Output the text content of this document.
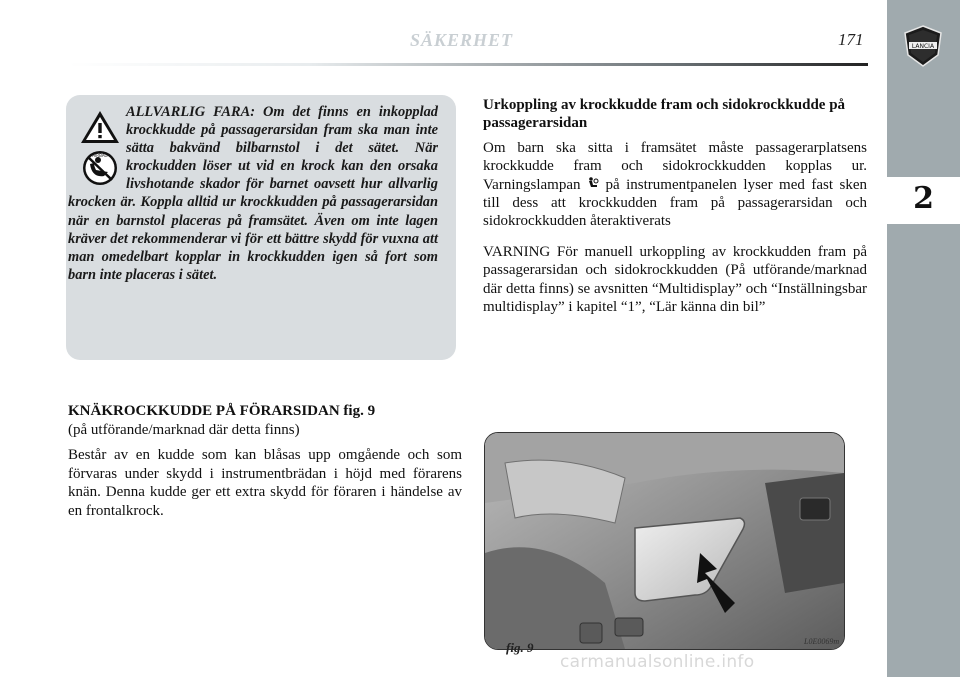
LANCIA
2
SÄKERHET	171
AIRBAG
ALLVARLIG FARA: Om det finns en inkopplad krockkudde på passagerarsidan fram ska man inte sätta bakvänd bilbarnstol i det sätet. När krockudden löser ut vid en krock kan den orsaka livshotande skador för barnet oavsett hur allvarlig krocken är. Koppla alltid ur krockkudden på passagerarsidan när en barnstol placeras på framsätet. Även om inte lagen kräver det rekommenderar vi för ett bättre skydd för vuxna att man omedelbart kopplar in krockkudden igen så fort som barn inte placeras i sätet.
KNÄKROCKKUDDE PÅ FÖRARSIDAN fig. 9
(på utförande/marknad där detta finns)
Består av en kudde som kan blåsas upp omgående och som förvaras under skydd i instrumentbrädan i höjd med förarens knän. Denna kudde ger ett extra skydd för föraren i händelse av en frontalkrock.
Urkoppling av krockkudde fram och sidokrockkudde på passagerarsidan
Om barn ska sitta i framsätet måste passagerarplatsens krockkudde fram och sidokrockkudden kopplas ur. Varningslampan på instrumentpanelen lyser med fast sken till dess att krockkudden fram på passagerarsidan och sidokrockkudden återaktiverats
VARNING För manuell urkoppling av krockkudden fram på passagerarsidan och sidokrockkudden (På utförande/marknad där detta finns) se avsnitten “Multidisplay” och “Inställningsbar multidisplay” i kapitel “1”, “Lär känna din bil”
fig. 9	L0E0069m
carmanualsonline.info
